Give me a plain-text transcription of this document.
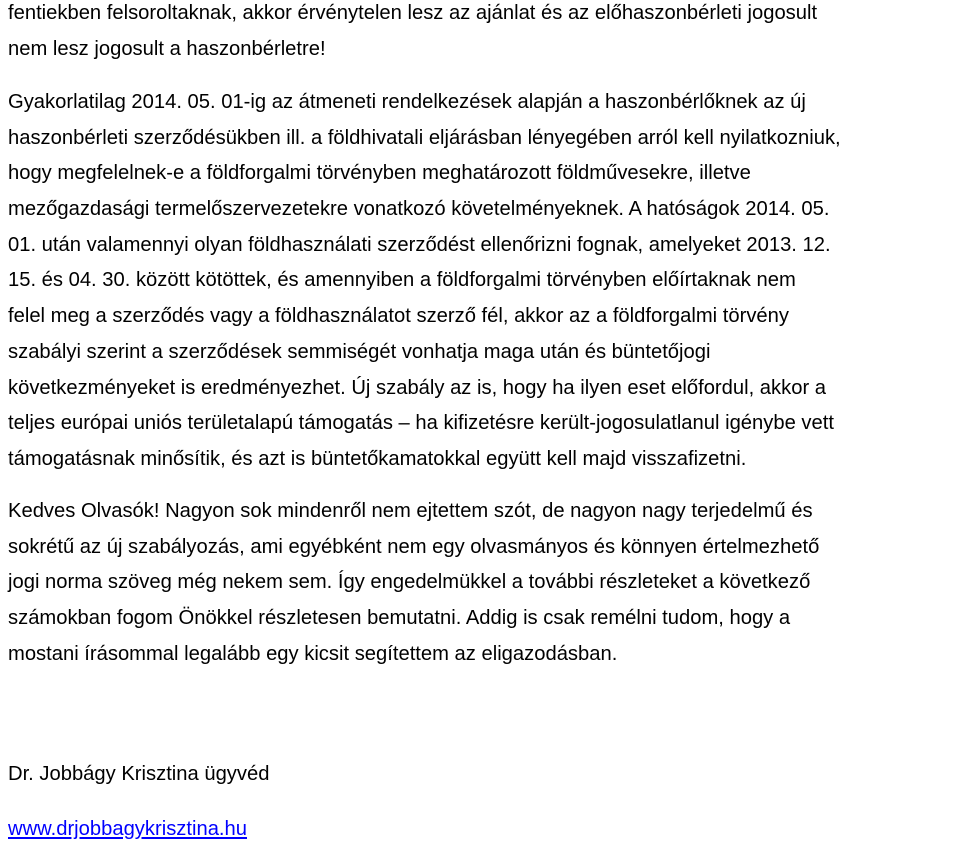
fentiekben felsoroltaknak, akkor érvénytelen lesz az ajánlat és az előhaszonbérleti jogosult
nem lesz jogosult a haszonbérletre!

Gyakorlatilag 2014. 05. 01-ig az átmeneti rendelkezések alapján a haszonbérlőknek az új
haszonbérleti szerződésükben ill. a földhivatali eljárásban lényegében arról kell nyilatkozniuk,
hogy megfelelnek-e a földforgalmi törvényben meghatározott földművesekre, illetve
mezőgazdasági termelőszervezetekre vonatkozó követelményeknek. A hatóságok 2014. 05.
01. után valamennyi olyan földhasználati szerződést ellenőrizni fognak, amelyeket 2013. 12.
15. és 04. 30. között kötöttek, és amennyiben a földforgalmi törvényben előírtaknak nem
felel meg a szerződés vagy a földhasználatot szerző fél, akkor az a földforgalmi törvény
szabályi szerint a szerződések semmiségét vonhatja maga után és büntetőjogi
következményeket is eredményezhet. Új szabály az is, hogy ha ilyen eset előfordul, akkor a
teljes európai uniós területalapú támogatás – ha kifizetésre került-jogosulatlanul igénybe vett
támogatásnak minősítik, és azt is büntetőkamatokkal együtt kell majd visszafizetni.

Kedves Olvasók! Nagyon sok mindenről nem ejtettem szót, de nagyon nagy terjedelmű és
sokrétű az új szabályozás, ami egyébként nem egy olvasmányos és könnyen értelmezhető
jogi norma szöveg még nekem sem. Így engedelmükkel a további részleteket a következő
számokban fogom Önökkel részletesen bemutatni. Addig is csak remélni tudom, hogy a
mostani írásommal legalább egy kicsit segítettem az eligazodásban.

Dr. Jobbágy Krisztina ügyvéd

www.drjobbagykrisztina.hu
